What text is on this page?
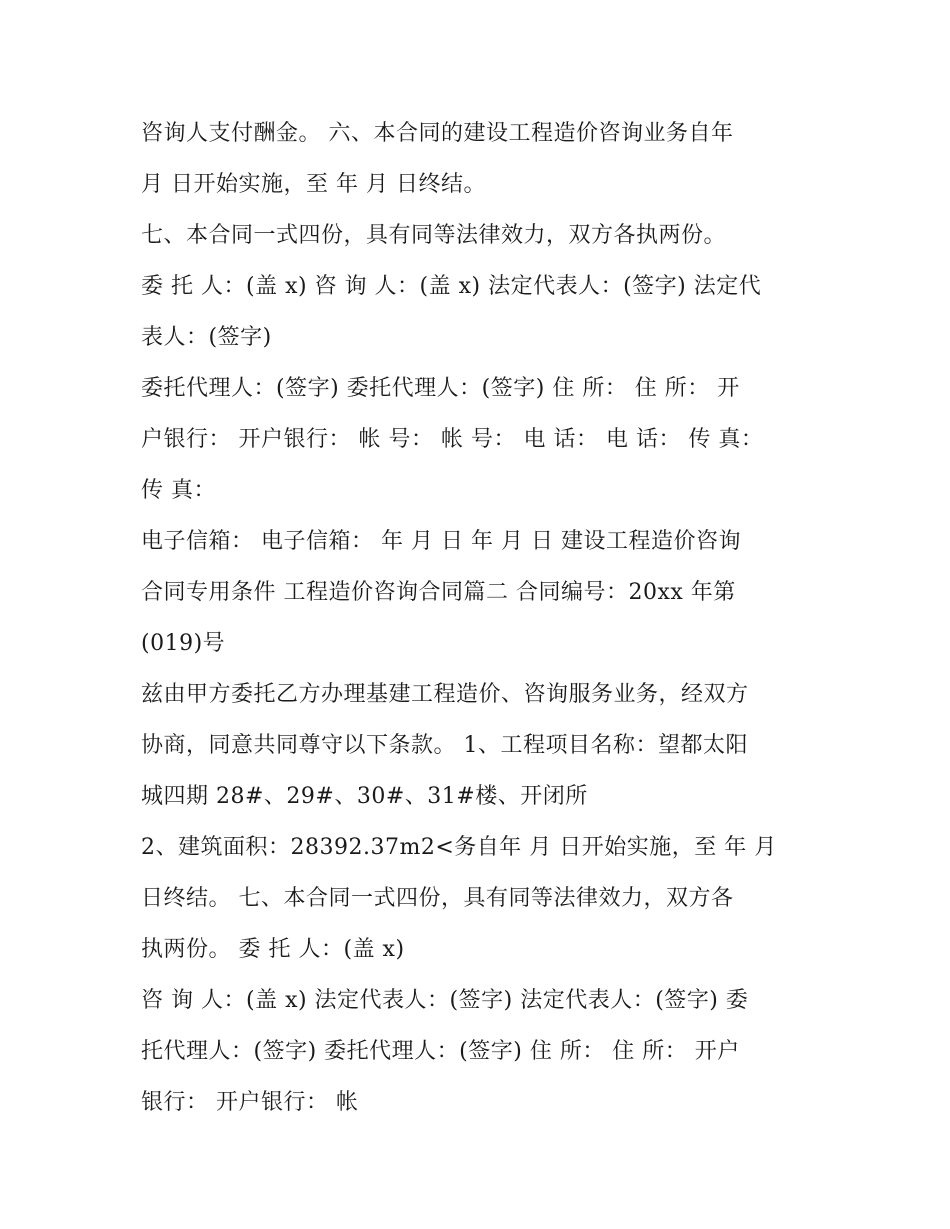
咨询人支付酬金。 六、本合同的建设工程造价咨询业务自年
月 日开始实施，至 年 月 日终结。
七、本合同一式四份，具有同等法律效力，双方各执两份。
委 托 人：(盖 x) 咨 询 人：(盖 x) 法定代表人：(签字) 法定代
表人：(签字)
委托代理人：(签字) 委托代理人：(签字) 住 所： 住 所： 开
户银行： 开户银行： 帐 号： 帐 号： 电 话： 电 话： 传 真：
传 真：
电子信箱： 电子信箱： 年 月 日 年 月 日 建设工程造价咨询
合同专用条件 工程造价咨询合同篇二 合同编号：20xx 年第
(019)号
兹由甲方委托乙方办理基建工程造价、咨询服务业务，经双方
协商，同意共同尊守以下条款。 1、工程项目名称：望都太阳
城四期 28#、29#、30#、31#楼、开闭所
2、建筑面积：28392.37m2<务自年 月 日开始实施，至 年 月
日终结。 七、本合同一式四份，具有同等法律效力，双方各
执两份。 委 托 人：(盖 x)
咨 询 人：(盖 x) 法定代表人：(签字) 法定代表人：(签字) 委
托代理人：(签字) 委托代理人：(签字) 住 所： 住 所： 开户
银行： 开户银行： 帐
